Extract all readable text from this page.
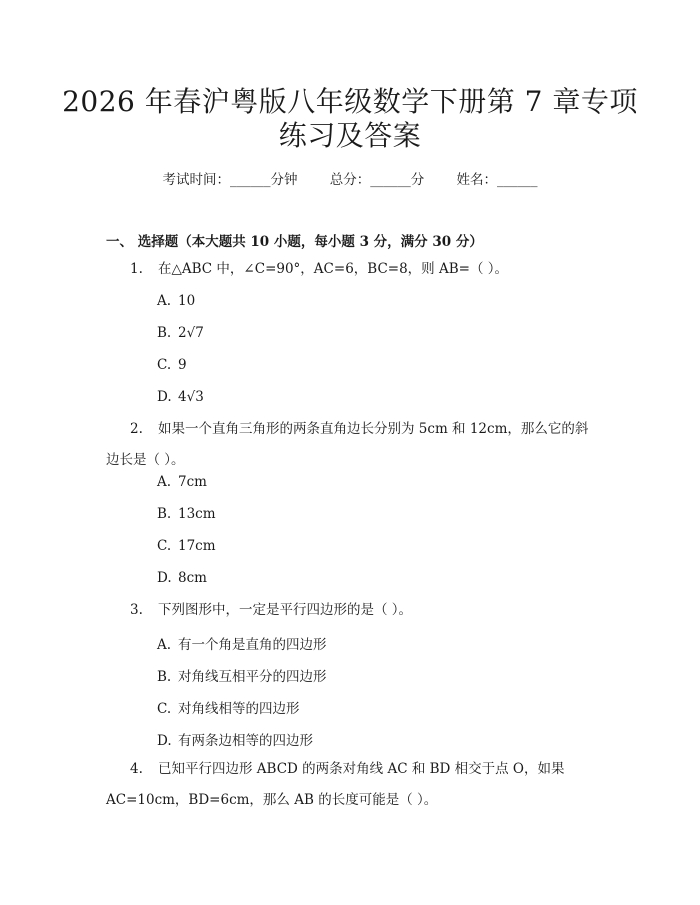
2026 年春沪粤版八年级数学下册第 7 章专项
练习及答案
考试时间：______分钟 总分：______分 姓名：______
一、 选择题（本大题共 10 小题，每小题 3 分，满分 30 分）
1. 在△ABC 中，∠C=90°，AC=6，BC=8，则 AB=（ ）。
A. 10
B. 2√7
C. 9
D. 4√3
2. 如果一个直角三角形的两条直角边长分别为 5cm 和 12cm，那么它的斜边长是（ ）。
A. 7cm
B. 13cm
C. 17cm
D. 8cm
3. 下列图形中，一定是平行四边形的是（ ）。
A. 有一个角是直角的四边形
B. 对角线互相平分的四边形
C. 对角线相等的四边形
D. 有两条边相等的四边形
4. 已知平行四边形 ABCD 的两条对角线 AC 和 BD 相交于点 O，如果 AC=10cm，BD=6cm，那么 AB 的长度可能是（ ）。
